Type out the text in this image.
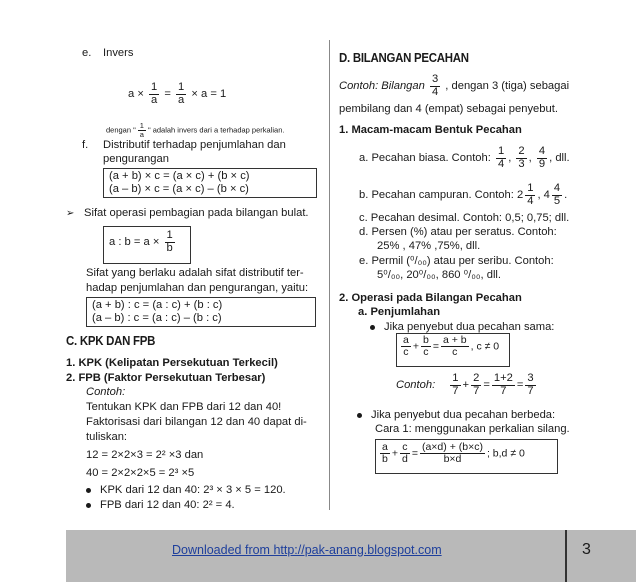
e. Invers
$a \times \frac{1}{a} = \frac{1}{a} \times a = 1$
dengan " $\frac{1}{a}$ " adalah invers dari a terhadap perkalian.
f. Distributif terhadap penjumlahan dan
pengurangan
(a + b) × c = (a × c) + (b × c)
(a – b) × c = (a × c) – (b × c)
➢ Sifat operasi pembagian pada bilangan bulat.
a : $b = a \times \frac{1}{b}$
Sifat yang berlaku adalah sifat distributif ter-
hadap penjumlahan dan pengurangan, yaitu:
(a + b) : c = (a : c) + (b : c)
(a – b) : c = (a : c) – (b : c)
C. KPK DAN FPB
1. KPK (Kelipatan Persekutuan Terkecil)
2. FPB (Faktor Persekutuan Terbesar)
Contoh:
Tentukan KPK dan FPB dari 12 dan 40!
Faktorisasi dari bilangan 12 dan 40 dapat di-
tuliskan:
12 = 2×2×3 = 2² ×3 dan
40 = 2×2×2×5 = 2³ ×5
KPK dari 12 dan 40: 2³ × 3 × 5 = 120.
FPB dari 12 dan 40: 2² = 4.
D. BILANGAN PECAHAN
Contoh: Bilangan $\frac{3}{4}$ , dengan 3 (tiga) sebagai
pembilang dan 4 (empat) sebagai penyebut.
1. Macam-macam Bentuk Pecahan
a. Pecahan biasa. Contoh: $\frac{1}{4}$ , $\frac{2}{3}$ , $\frac{4}{9}$ , dll.
b. Pecahan campuran. Contoh: $2 \frac{1}{4}$ , $4 \frac{4}{5}$ .
c. Pecahan desimal. Contoh: 0,5; 0,75; dll.
d. Persen (%) atau per seratus. Contoh:
25% , 47% ,75%, dll.
e. Permil (⁰/₀₀) atau per seribu. Contoh:
5⁰/₀₀, 20⁰/₀₀, 860 ⁰/₀₀, dll.
2. Operasi pada Bilangan Pecahan
a. Penjumlahan
Jika penyebut dua pecahan sama:
$\frac{a}{c} + \frac{b}{c} = \frac{a + b}{c}$ , c ≠ 0
Contoh: $\frac{1}{7} + \frac{2}{7} = \frac{1+2}{7} = \frac{3}{7}$
Jika penyebut dua pecahan berbeda:
Cara 1: menggunakan perkalian silang.
$\frac{a}{b} + \frac{c}{d} = \frac{(a\times d) + (b\times c)}{b\times d}$ ; b,d ≠ 0
Downloaded from http://pak-anang.blogspot.com	3
